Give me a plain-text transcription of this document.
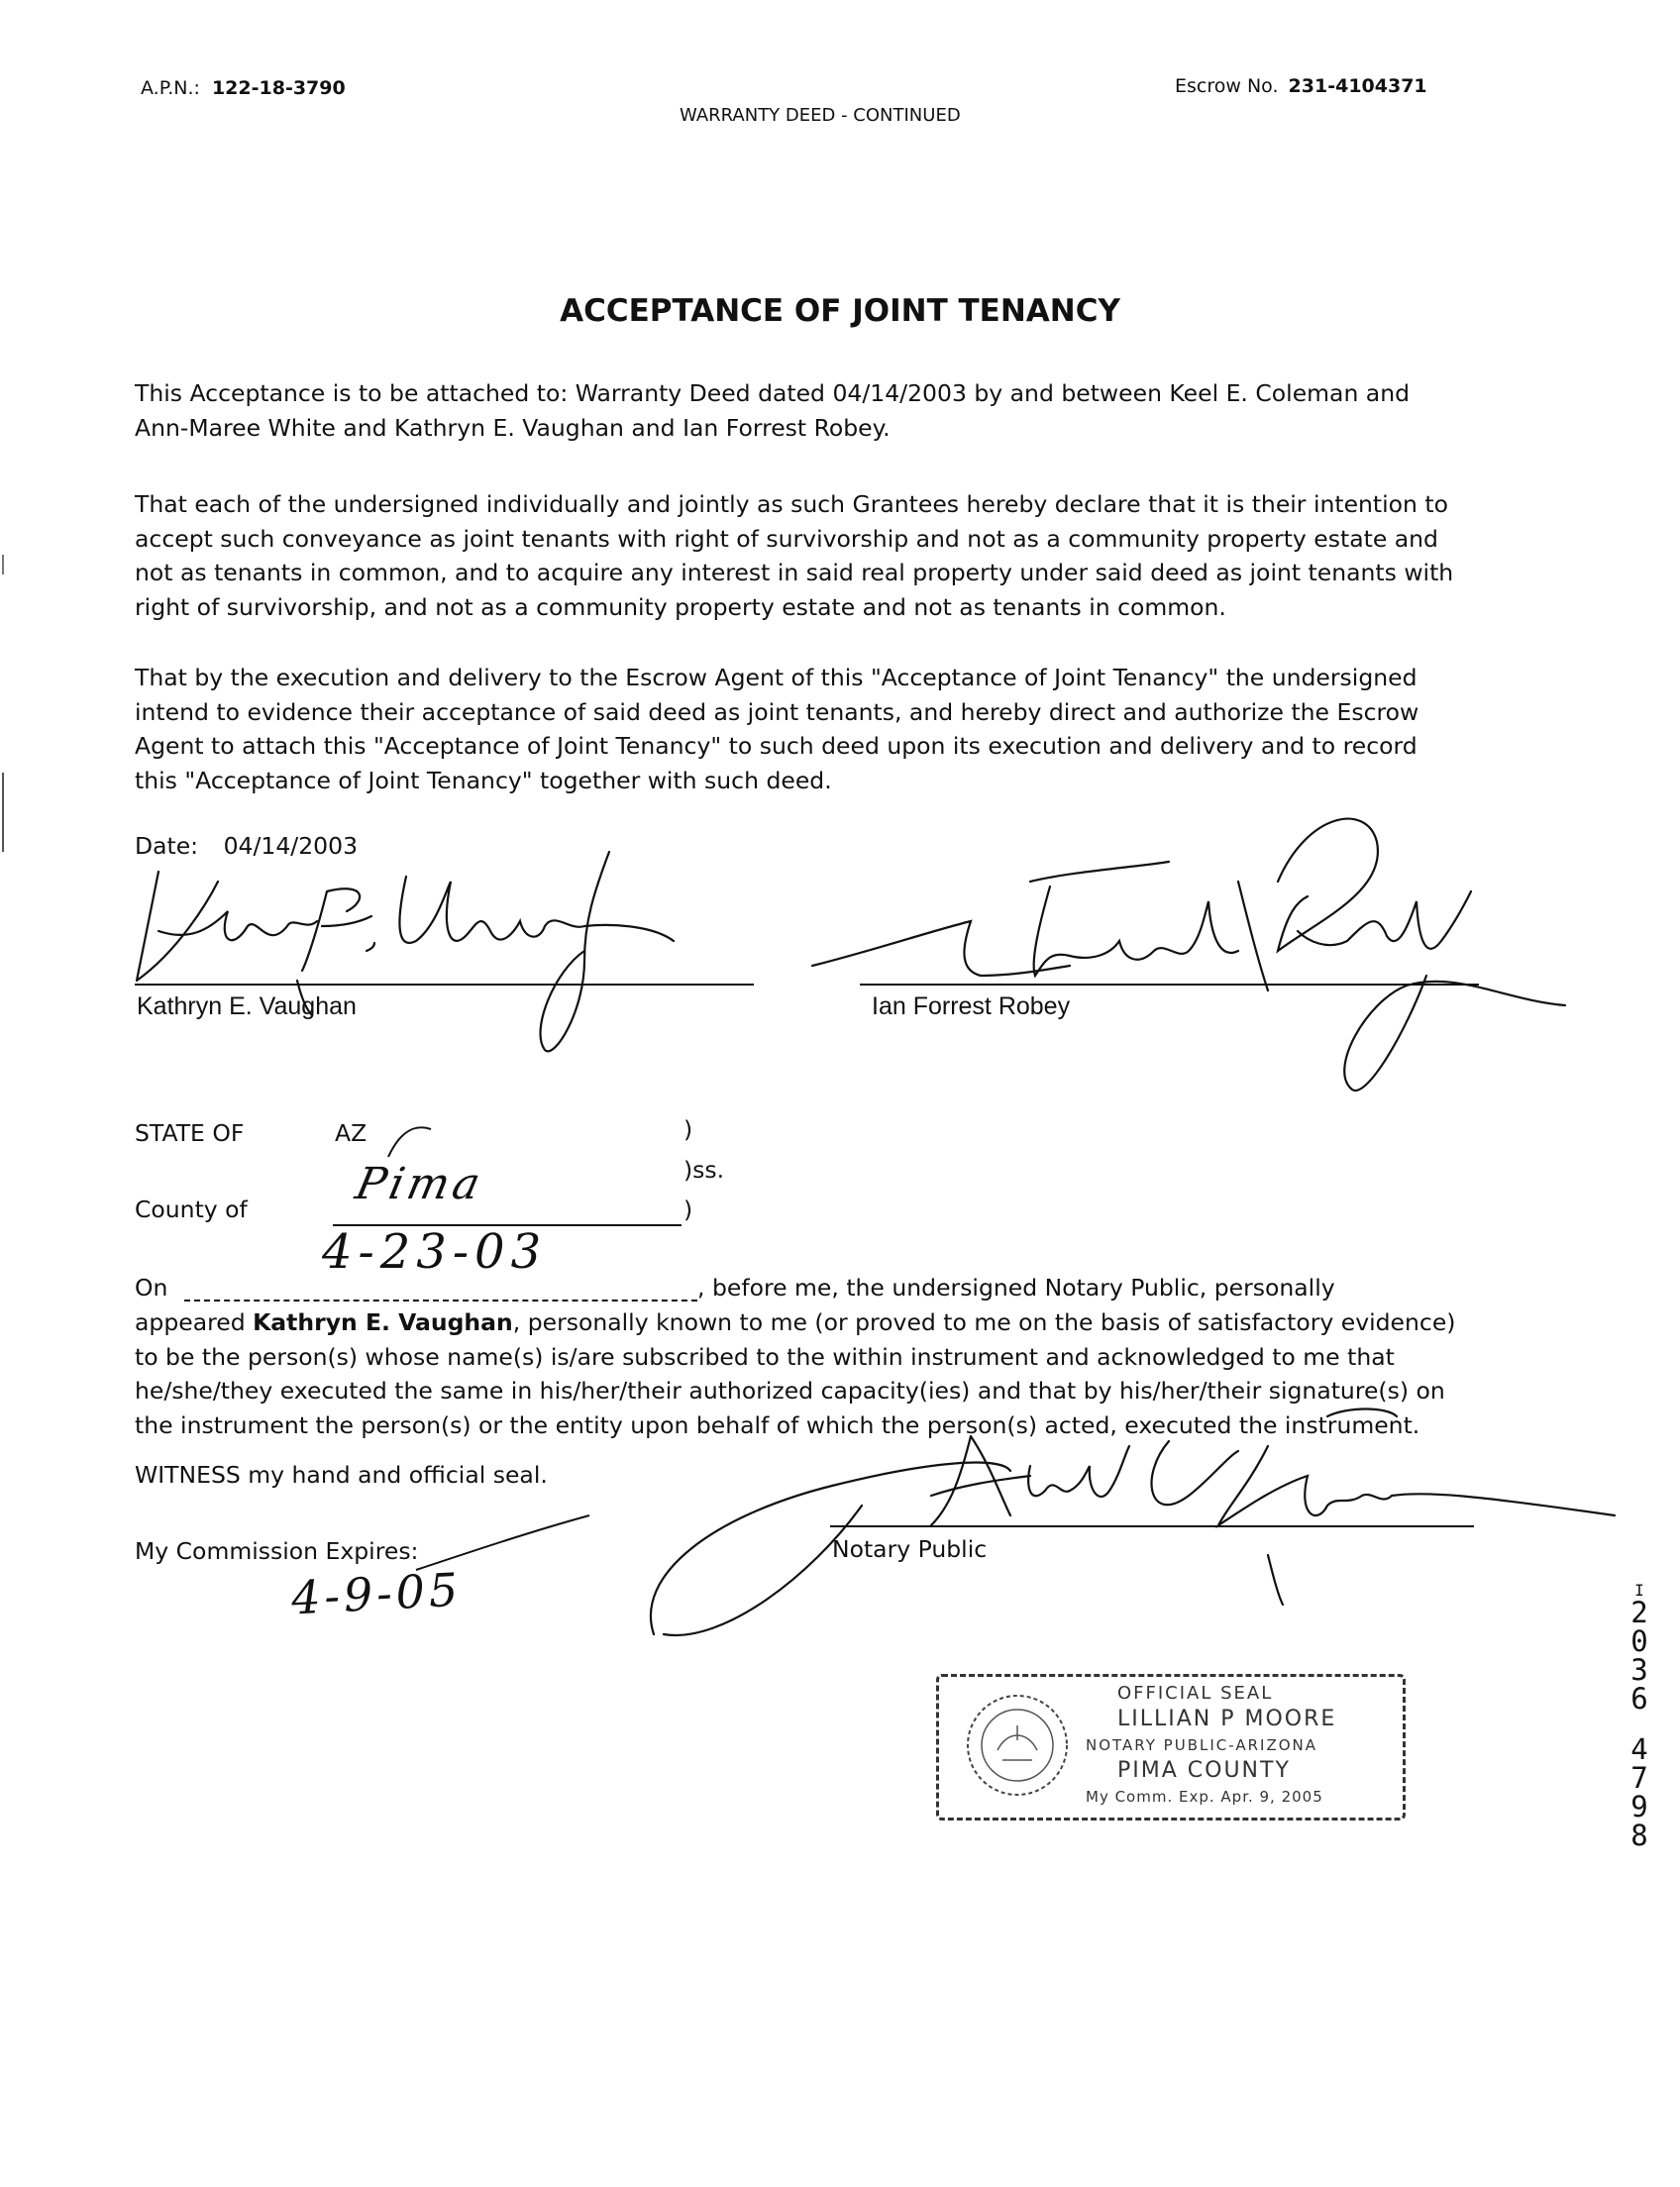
A.P.N.: 122-18-3790	Escrow No. 231-4104371
WARRANTY DEED - CONTINUED
ACCEPTANCE OF JOINT TENANCY
This Acceptance is to be attached to: Warranty Deed dated 04/14/2003 by and between Keel E. Coleman and
Ann-Maree White and Kathryn E. Vaughan and Ian Forrest Robey.
That each of the undersigned individually and jointly as such Grantees hereby declare that it is their intention to
accept such conveyance as joint tenants with right of survivorship and not as a community property estate and
not as tenants in common, and to acquire any interest in said real property under said deed as joint tenants with
right of survivorship, and not as a community property estate and not as tenants in common.
That by the execution and delivery to the Escrow Agent of this "Acceptance of Joint Tenancy" the undersigned
intend to evidence their acceptance of said deed as joint tenants, and hereby direct and authorize the Escrow
Agent to attach this "Acceptance of Joint Tenancy" to such deed upon its execution and delivery and to record
this "Acceptance of Joint Tenancy" together with such deed.
Date: 04/14/2003
Kathryn E. Vaughan	Ian Forrest Robey
STATE OF	AZ	)
)ss.
County of	)
Pima
On
4-23-03
, before me, the undersigned Notary Public, personally
appeared Kathryn E. Vaughan, personally known to me (or proved to me on the basis of satisfactory evidence)
to be the person(s) whose name(s) is/are subscribed to the within instrument and acknowledged to me that
he/she/they executed the same in his/her/their authorized capacity(ies) and that by his/her/their signature(s) on
the instrument the person(s) or the entity upon behalf of which the person(s) acted, executed the instrument.
WITNESS my hand and official seal.
My Commission Expires:
4-9-05
Notary Public
OFFICIAL SEAL
LILLIAN P MOORE
NOTARY PUBLIC-ARIZONA
PIMA COUNTY
My Comm. Exp. Apr. 9, 2005
I
2
0
3
6
4
7
9
8
